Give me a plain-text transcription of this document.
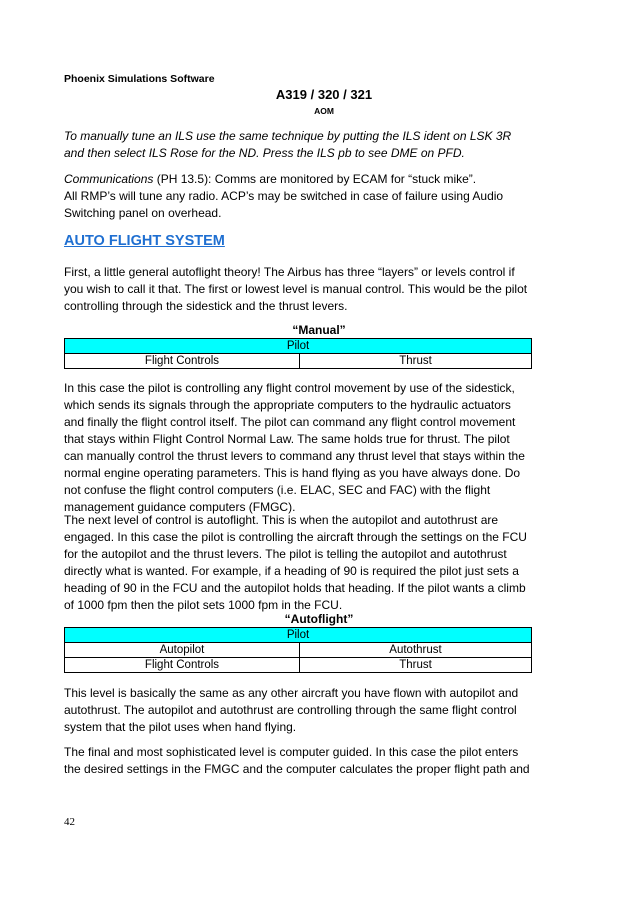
Phoenix Simulations Software
A319 / 320 / 321
AOM
To manually tune an ILS use the same technique by putting the ILS ident on LSK 3R
and then select ILS Rose for the ND. Press the ILS pb to see DME on PFD.
Communications (PH 13.5): Comms are monitored by ECAM for “stuck mike”.
All RMP’s will tune any radio. ACP’s may be switched in case of failure using Audio
Switching panel on overhead.
AUTO FLIGHT SYSTEM
First, a little general autoflight theory! The Airbus has three “layers” or levels control if
you wish to call it that. The first or lowest level is manual control. This would be the pilot
controlling through the sidestick and the thrust levers.
“Manual”
Pilot
Flight Controls	Thrust
In this case the pilot is controlling any flight control movement by use of the sidestick,
which sends its signals through the appropriate computers to the hydraulic actuators
and finally the flight control itself. The pilot can command any flight control movement
that stays within Flight Control Normal Law. The same holds true for thrust. The pilot
can manually control the thrust levers to command any thrust level that stays within the
normal engine operating parameters. This is hand flying as you have always done. Do
not confuse the flight control computers (i.e. ELAC, SEC and FAC) with the flight
management guidance computers (FMGC).
The next level of control is autoflight. This is when the autopilot and autothrust are
engaged. In this case the pilot is controlling the aircraft through the settings on the FCU
for the autopilot and the thrust levers. The pilot is telling the autopilot and autothrust
directly what is wanted. For example, if a heading of 90 is required the pilot just sets a
heading of 90 in the FCU and the autopilot holds that heading. If the pilot wants a climb
of 1000 fpm then the pilot sets 1000 fpm in the FCU.
“Autoflight”
Pilot	
Autopilot	Autothrust
Flight Controls	Thrust
This level is basically the same as any other aircraft you have flown with autopilot and
autothrust. The autopilot and autothrust are controlling through the same flight control
system that the pilot uses when hand flying.
The final and most sophisticated level is computer guided. In this case the pilot enters
the desired settings in the FMGC and the computer calculates the proper flight path and
42
